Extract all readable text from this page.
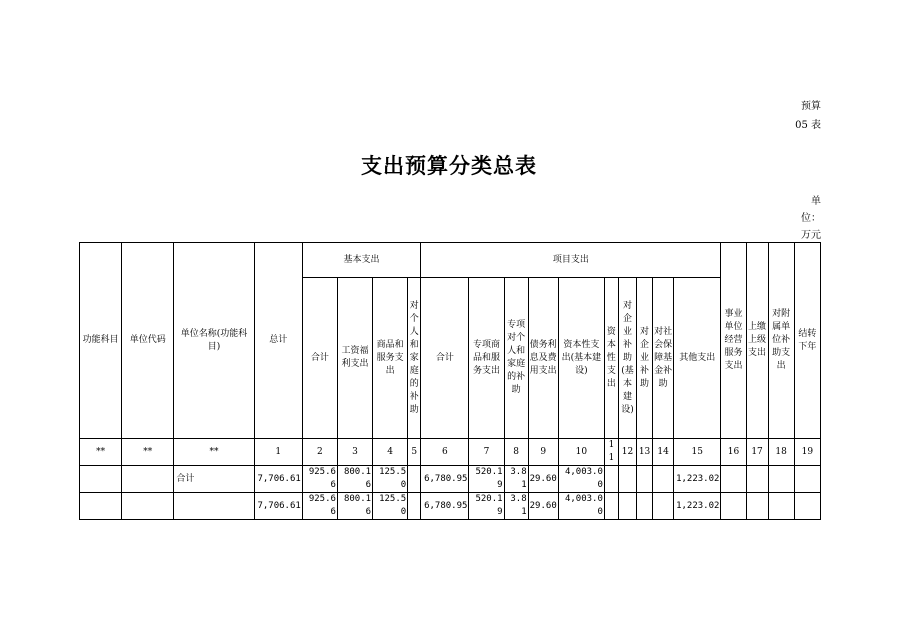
预算
05 表
支出预算分类总表
单位：万元
功能科目	单位代码	单位名称(功能科目)	总计	基本支出				项目支出										事业单位经营服务支出	上缴上级支出	对附属单位补助支出	结转下年
				合计	工资福利支出	商品和服务支出	对个人和家庭的补助	合计	专项商品和服务支出	专项对个人和家庭的补助	债务利息及费用支出	资本性支出(基本建设)	资本性支出	对企业补助(基本建设)	对企业补助	对社会保障基金补助	其他支出				
**	**	**	1	2	3	4	5	6	7	8	9	10	11	12	13	14	15	16	17	18	19
		合计	7,706.61	925.66	800.16	125.50		6,780.95	520.19	3.81	29.60	4,003.00					1,223.02				
			7,706.61	925.66	800.16	125.50		6,780.95	520.19	3.81	29.60	4,003.00					1,223.02				
